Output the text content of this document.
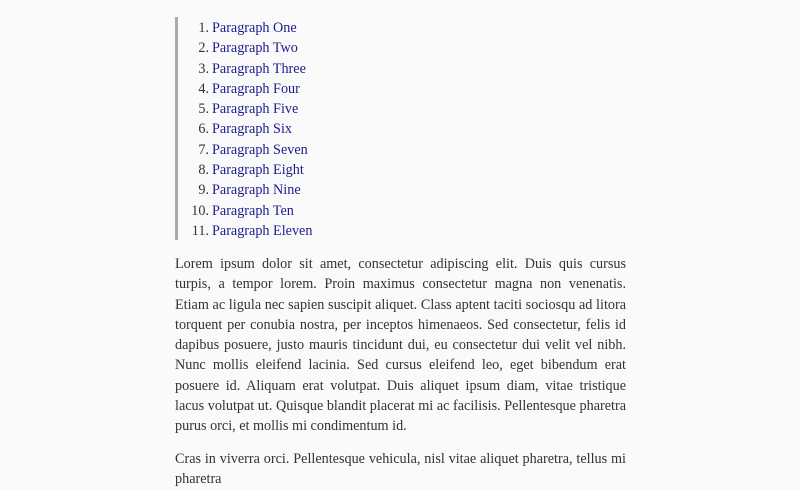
1. Paragraph One
2. Paragraph Two
3. Paragraph Three
4. Paragraph Four
5. Paragraph Five
6. Paragraph Six
7. Paragraph Seven
8. Paragraph Eight
9. Paragraph Nine
10. Paragraph Ten
11. Paragraph Eleven

Lorem ipsum dolor sit amet, consectetur adipiscing elit. Duis quis cursus turpis, a tempor lorem. Proin maximus consectetur magna non venenatis. Etiam ac ligula nec sapien suscipit aliquet. Class aptent taciti sociosqu ad litora torquent per conubia nostra, per inceptos himenaeos. Sed consectetur, felis id dapibus posuere, justo mauris tincidunt dui, eu consectetur dui velit vel nibh. Nunc mollis eleifend lacinia. Sed cursus eleifend leo, eget bibendum erat posuere id. Aliquam erat volutpat. Duis aliquet ipsum diam, vitae tristique lacus volutpat ut. Quisque blandit placerat mi ac facilisis. Pellentesque pharetra purus orci, et mollis mi condimentum id.

Cras in viverra orci. Pellentesque vehicula, nisl vitae aliquet pharetra, tellus mi pharetra
